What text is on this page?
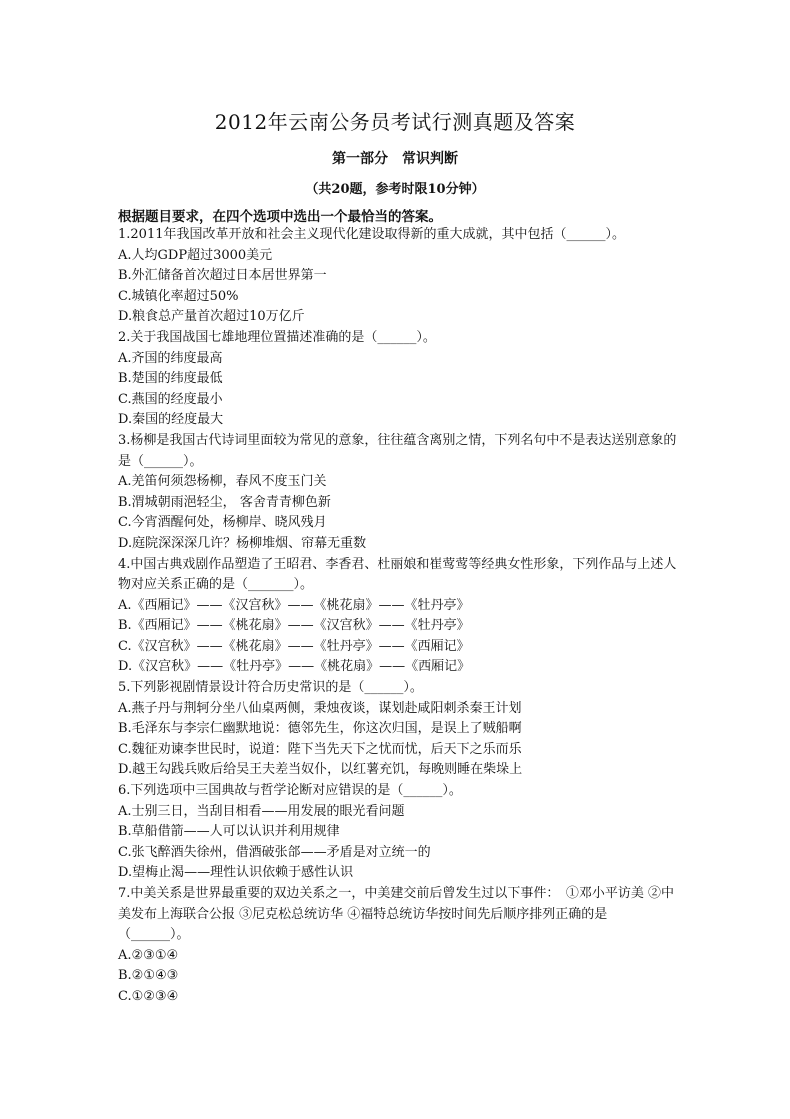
2012年云南公务员考试行测真题及答案
第一部分　常识判断
（共20题，参考时限10分钟）
根据题目要求，在四个选项中选出一个最恰当的答案。

1.2011年我国改革开放和社会主义现代化建设取得新的重大成就，其中包括（______）。

A.人均GDP超过3000美元

B.外汇储备首次超过日本居世界第一

C.城镇化率超过50%

D.粮食总产量首次超过10万亿斤

2.关于我国战国七雄地理位置描述准确的是（______）。

A.齐国的纬度最高

B.楚国的纬度最低

C.燕国的经度最小

D.秦国的经度最大

3.杨柳是我国古代诗词里面较为常见的意象，往往蕴含离别之情，下列名句中不是表达送别意象的是（______）。

A.羌笛何须怨杨柳，春风不度玉门关

B.渭城朝雨浥轻尘， 客舍青青柳色新

C.今宵酒醒何处，杨柳岸、晓风残月

D.庭院深深深几许？杨柳堆烟、帘幕无重数

4.中国古典戏剧作品塑造了王昭君、李香君、杜丽娘和崔莺莺等经典女性形象，下列作品与上述人物对应关系正确的是（_______）。

A.《西厢记》——《汉宫秋》——《桃花扇》——《牡丹亭》

B.《西厢记》——《桃花扇》——《汉宫秋》——《牡丹亭》

C.《汉宫秋》——《桃花扇》——《牡丹亭》——《西厢记》

D.《汉宫秋》——《牡丹亭》——《桃花扇》——《西厢记》

5.下列影视剧情景设计符合历史常识的是（______）。

A.燕子丹与荆轲分坐八仙桌两侧，秉烛夜谈，谋划赴咸阳刺杀秦王计划

B.毛泽东与李宗仁幽默地说：德邻先生，你这次归国，是误上了贼船啊

C.魏征劝谏李世民时，说道：陛下当先天下之忧而忧，后天下之乐而乐

D.越王勾践兵败后给吴王夫差当奴仆，以红薯充饥，每晚则睡在柴垛上

6.下列选项中三国典故与哲学论断对应错误的是（______）。

A.士别三日，当刮目相看——用发展的眼光看问题

B.草船借箭——人可以认识并利用规律

C.张飞醉酒失徐州，借酒破张郃——矛盾是对立统一的

D.望梅止渴——理性认识依赖于感性认识

7.中美关系是世界最重要的双边关系之一，中美建交前后曾发生过以下事件：　①邓小平访美 ②中美发布上海联合公报 ③尼克松总统访华 ④福特总统访华按时间先后顺序排列正确的是（______）。

A.②③①④

B.②①④③

C.①②③④
